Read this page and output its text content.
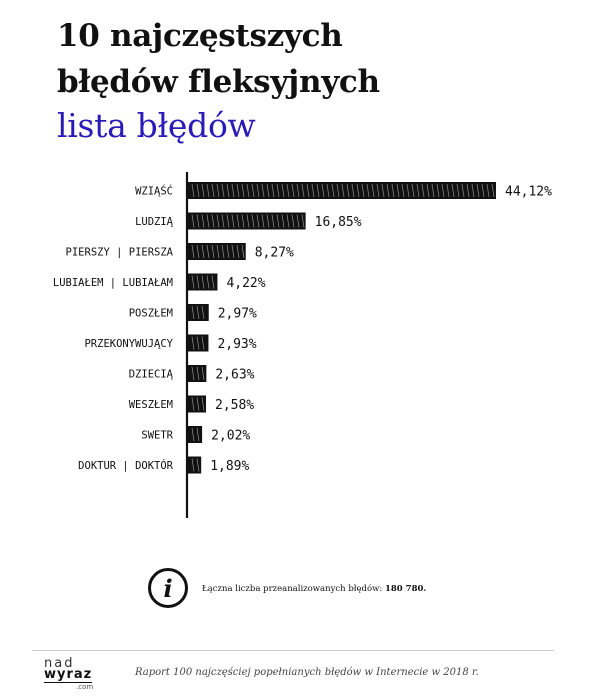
10 najczęstszych
błędów fleksyjnych
lista błędów
WZIĄŚĆ	44,12%
LUDZIĄ	16,85%
PIERSZY | PIERSZA	8,27%
LUBIAŁEM | LUBIAŁAM	4,22%
POSZŁEM	2,97%
PRZEKONYWUJĄCY	2,93%
DZIECIĄ	2,63%
WESZŁEM	2,58%
SWETR	2,02%
DOKTUR | DOKTÓR	1,89%
i	Łączna liczba przeanalizowanych błędów: 180 780.
nad
wyraz
.com
Raport 100 najczęściej popełnianych błędów w Internecie w 2018 r.
